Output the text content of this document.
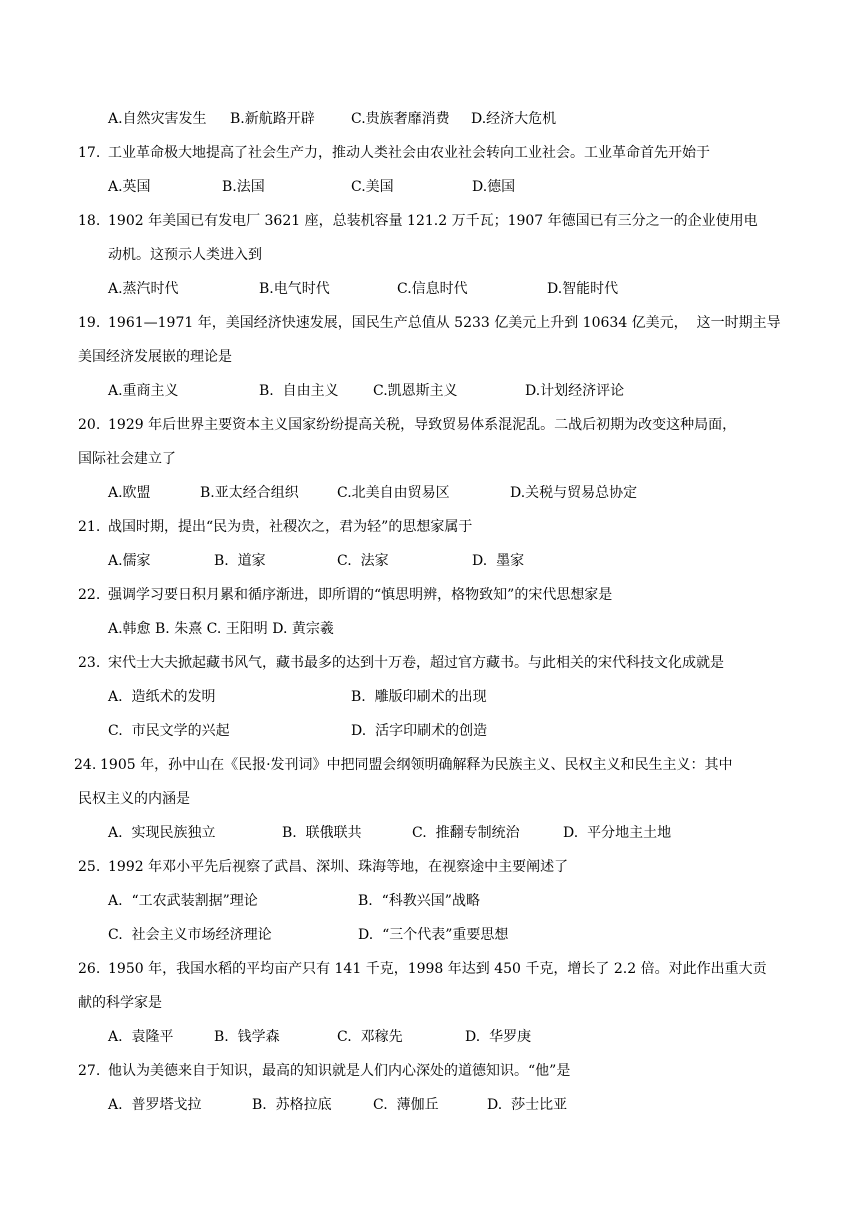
A.自然灾害发生 B.新航路开辟	C.贵族奢靡消费 D.经济大危机
17. 工业革命极大地提高了社会生产力，推动人类社会由农业社会转向工业社会。工业革命首先开始于
A.英国	B.法国	C.美国	D.德国
18. 1902 年美国已有发电厂 3621 座，总装机容量 121.2 万千瓦；1907 年德国已有三分之一的企业使用电
动机。这预示人类进入到
A.蒸汽时代	B.电气时代	C.信息时代	D.智能时代
19. 1961—1971 年，美国经济快速发展，国民生产总值从 5233 亿美元上升到 10634 亿美元，  这一时期主导
美国经济发展嵌的理论是
A.重商主义	B.  自由主义 C.凯恩斯主义	D.计划经济评论
20. 1929 年后世界主要资本主义国家纷纷提高关税，导致贸易体系混泥乱。二战后初期为改变这种局面，
国际社会建立了
A.欧盟	B.亚太经合组织	C.北美自由贸易区	D.关税与贸易总协定
21. 战国时期，提出“民为贵，社稷次之，君为轻”的思想家属于
A.儒家	B.  道家	C.  法家	D.  墨家
22. 强调学习要日积月累和循序渐进，即所谓的“慎思明辨，格物致知”的宋代思想家是
A.韩愈 B. 朱熹 C. 王阳明 D. 黄宗羲
23. 宋代士大夫掀起藏书风气，藏书最多的达到十万卷，超过官方藏书。与此相关的宋代科技文化成就是
A.  造纸术的发明	B.  雕版印刷术的出现
C.  市民文学的兴起	D.  活字印刷术的创造
24. 1905 年，孙中山在《民报·发刊词》中把同盟会纲领明确解释为民族主义、民权主义和民生主义：其中
民权主义的内涵是
A.  实现民族独立	B.  联俄联共	C.  推翻专制统治	D.  平分地主土地
25. 1992 年邓小平先后视察了武昌、深圳、珠海等地，在视察途中主要阐述了
A.  “工农武装割据”理论	B.  “科教兴国”战略
C.  社会主义市场经济理论	D.  “三个代表”重要思想
26. 1950 年，我国水稻的平均亩产只有 141 千克，1998 年达到 450 千克，增长了 2.2 倍。对此作出重大贡
献的科学家是
A.  袁隆平	B.  钱学森	C.  邓稼先	D.  华罗庚
27. 他认为美德来自于知识，最高的知识就是人们内心深处的道德知识。“他”是
A.  普罗塔戈拉	B.  苏格拉底	C.  薄伽丘	D.  莎士比亚
